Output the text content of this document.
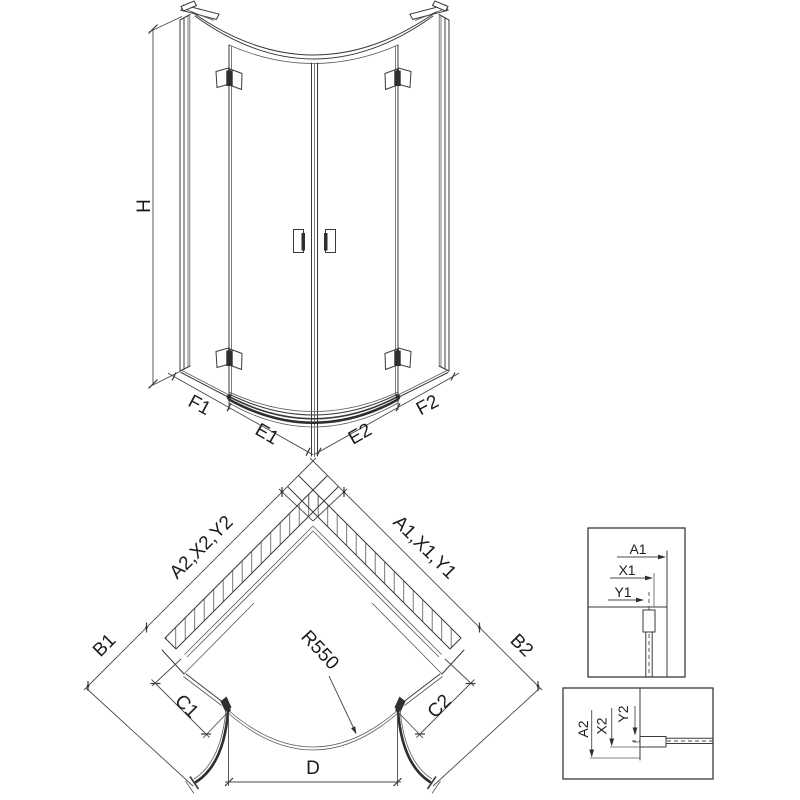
H
F1
E1	E2
F2
R550
B1
A2,X2,Y2
B2
A1,X1,Y1
C1	C2
D
A1
X1
Y1
Y2
X2
A2
